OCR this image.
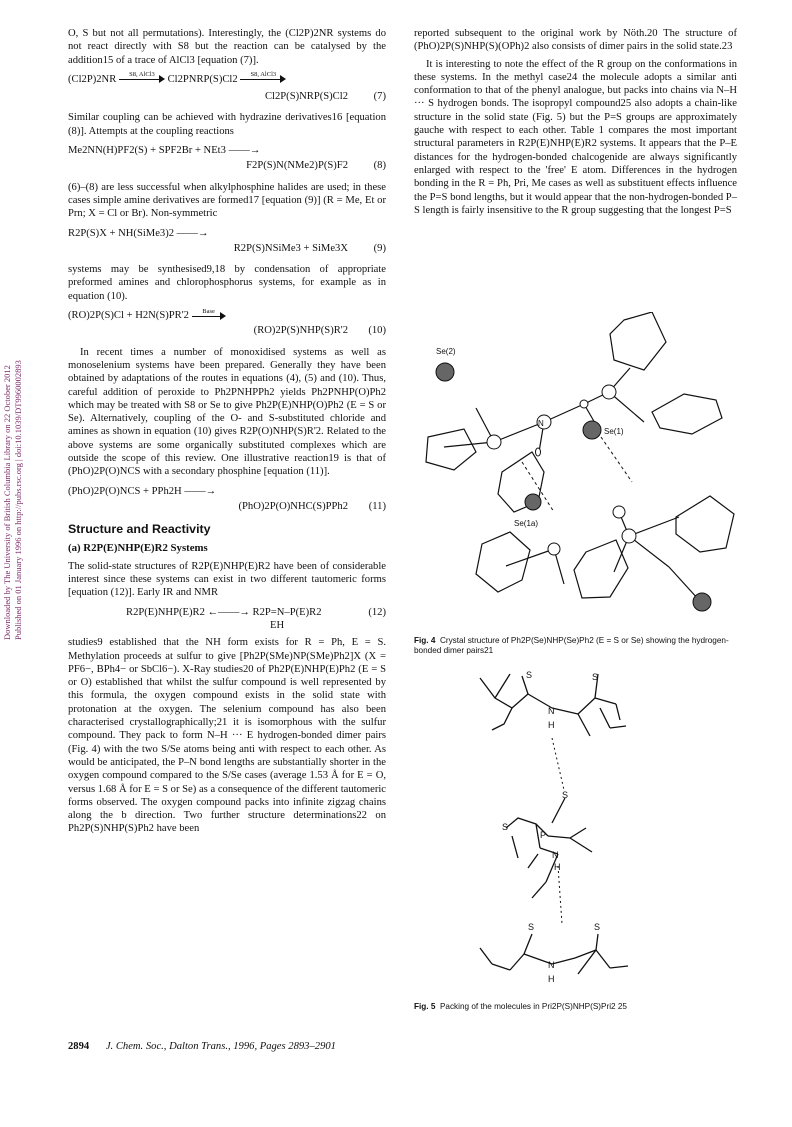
Downloaded by The University of British Columbia Library on 22 October 2012 Published on 01 January 1996 on http://pubs.rsc.org | doi:10.1039/DT9960002893

O, S but not all permutations). Interestingly, the (Cl2P)2NR systems do not react directly with S8 but the reaction can be catalysed by the addition15 of a trace of AlCl3 [equation (7)].

(Cl2P)2NR	S8, AlCl3	Cl2PNRP(S)Cl2	S8, AlCl3
Cl2P(S)NRP(S)Cl2	(7)

Similar coupling can be achieved with hydrazine derivatives16 [equation (8)]. Attempts at the coupling reactions

Me2NN(H)PF2(S) + SPF2Br + NEt3 ——→
F2P(S)N(NMe2)P(S)F2	(8)

(6)–(8) are less successful when alkylphosphine halides are used; in these cases simple amine derivatives are formed17 [equation (9)] (R = Me, Et or Prn; X = Cl or Br). Non-symmetric

R2P(S)X + NH(SiMe3)2 ——→
R2P(S)NSiMe3 + SiMe3X	(9)

systems may be synthesised9,18 by condensation of appropriate preformed amines and chlorophosphorus systems, for example as in equation (10).

(RO)2P(S)Cl + H2N(S)PR'2	Base
(RO)2P(S)NHP(S)R'2	(10)

In recent times a number of monoxidised systems as well as monoselenium systems have been prepared. Generally they have been obtained by adaptations of the routes in equations (4), (5) and (10). Thus, careful addition of peroxide to Ph2PNHPPh2 yields Ph2PNHP(O)Ph2 which may be treated with S8 or Se to give Ph2P(E)NHP(O)Ph2 (E = S or Se). Alternatively, coupling of the O- and S-substituted chloride and amines as shown in equation (10) gives R2P(O)NHP(S)R'2. Related to the above systems are some organically substituted complexes which are outside the scope of this review. One illustrative reaction19 is that of (PhO)2P(O)NCS with a secondary phosphine [equation (11)].

(PhO)2P(O)NCS + PPh2H ——→
(PhO)2P(O)NHC(S)PPh2	(11)
Structure and Reactivity
(a) R2P(E)NHP(E)R2 Systems

The solid-state structures of R2P(E)NHP(E)R2 have been of considerable interest since these systems can exist in two different tautomeric forms [equation (12)]. Early IR and NMR

R2P(E)NHP(E)R2 ←——→ R2P=N–P(E)R2	(12)
EH

studies9 established that the NH form exists for R = Ph, E = S. Methylation proceeds at sulfur to give [Ph2P(SMe)NP(SMe)Ph2]X (X = PF6−, BPh4− or SbCl6−). X-Ray studies20 of Ph2P(E)NHP(E)Ph2 (E = S or O) established that whilst the sulfur compound is well represented by this formula, the oxygen compound exists in the solid state with protonation at the oxygen. The selenium compound has also been characterised crystallographically;21 it is isomorphous with the sulfur compound. They pack to form N–H ··· E hydrogen-bonded dimer pairs (Fig. 4) with the two S/Se atoms being anti with respect to each other. As would be anticipated, the P–N bond lengths are substantially shorter in the oxygen compound compared to the S/Se cases (average 1.53 Å for E = O, versus 1.68 Å for E = S or Se) as a consequence of the different tautomeric forms observed. The oxygen compound packs into infinite zigzag chains along the b direction. Two further structure determinations22 on Ph2P(S)NHP(S)Ph2 have been

reported subsequent to the original work by Nöth.20 The structure of (PhO)2P(S)NHP(S)(OPh)2 also consists of dimer pairs in the solid state.23

It is interesting to note the effect of the R group on the conformations in these systems. In the methyl case24 the molecule adopts a similar anti conformation to that of the phenyl analogue, but packs into chains via N–H ··· S hydrogen bonds. The isopropyl compound25 also adopts a chain-like structure in the solid state (Fig. 5) but the P=S groups are approximately gauche with respect to each other. Table 1 compares the most important structural parameters in R2P(E)NHP(E)R2 systems. It appears that the P–E distances for the hydrogen-bonded chalcogenide are always significantly enlarged with respect to the 'free' E atom. Differences in the hydrogen bonding in the R = Ph, Pri, Me cases as well as substituent effects influence the P=S bond lengths, but it would appear that the non-hydrogen-bonded P–S length is fairly insensitive to the R group suggesting that the longest P=S

Se(2)
N
Se(1)
Se(1a)
Fig. 4 Crystal structure of Ph2P(Se)NHP(Se)Ph2 (E = S or Se) showing the hydrogen-bonded dimer pairs21
S	S
N
H
S
S
P
N
H
S	S
N
H
Fig. 5 Packing of the molecules in Pri2P(S)NHP(S)Pri2 25
2894 J. Chem. Soc., Dalton Trans., 1996, Pages 2893–2901
